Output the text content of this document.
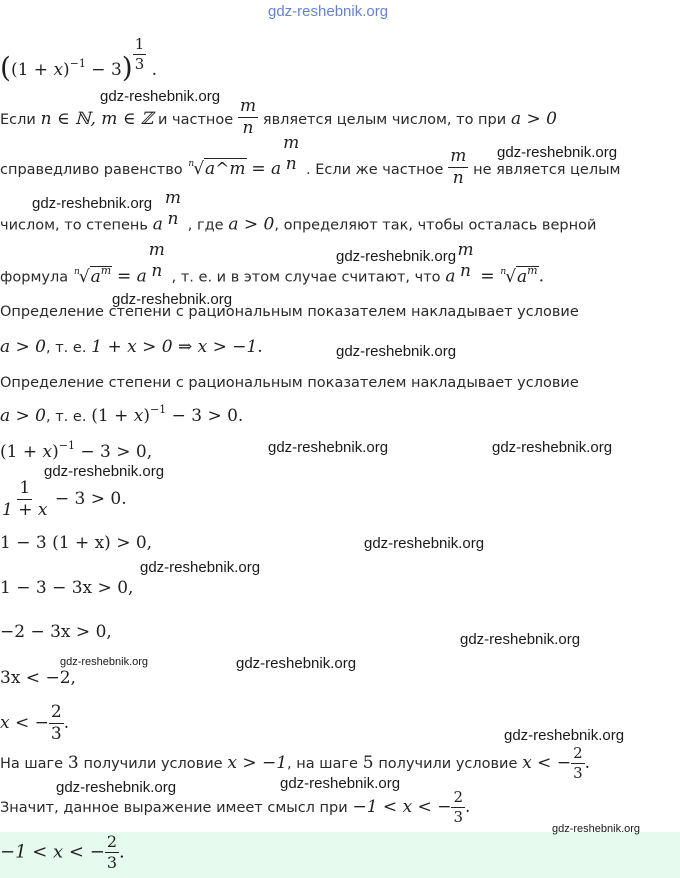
gdz-reshebnik.org
$((1 + x)^{-1} - 3) \frac{1}{3}$ .
Если n ∈ ℕ, m ∈ ℤ и частное $\frac{m}{n}$ является целым числом, то при a > 0
справедливо равенство $^n$√a^m = a
m
n . Если же частное $\frac{m}{n}$ не является целым
числом, то степень a
m
n , где a > 0, определяют так, чтобы осталась верной
формула $^n√a^m = a$
m
n , т. е. и в этом случае считают, что a
m
$n = ^n√a^m$.
Определение степени с рациональным показателем накладывает условие
a > 0, т. е. 1 + x > 0 ⇒ x > −1.
Определение степени с рациональным показателем накладывает условие
a > 0, т. е. $(1 + x)^{-1} - 3 > 0$.
$(1 + x)^{-1} - 3 > 0$,
$\frac{1}{1 + x} - 3 > 0$.
1 − 3 (1 + x) > 0,
1 − 3 − 3x > 0,
−2 − 3x > 0,
3x < −2,
x < − $\frac{2}{3}$ .
На шаге 3 получили условие x > −1, на шаге 5 получили условие x < − $\frac{2}{3}$ .
Значит, данное выражение имеет смысл при −1 < x < − $\frac{2}{3}$ .
−1 < x < − $\frac{2}{3}$ .
gdz-reshebnik.org
gdz-reshebnik.org
gdz-reshebnik.org
gdz-reshebnik.org
gdz-reshebnik.org
gdz-reshebnik.org
gdz-reshebnik.org	gdz-reshebnik.org
gdz-reshebnik.org
gdz-reshebnik.org
gdz-reshebnik.org
gdz-reshebnik.org
gdz-reshebnik.org	gdz-reshebnik.org
gdz-reshebnik.org
gdz-reshebnik.org	gdz-reshebnik.org
gdz-reshebnik.org
